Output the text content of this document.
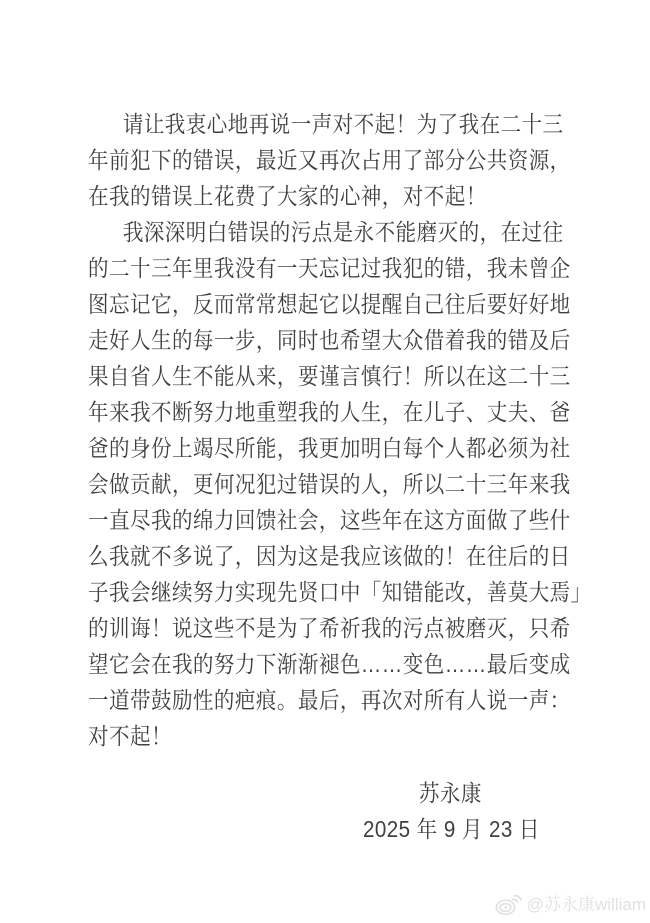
请让我衷心地再说一声对不起！为了我在二十三
年前犯下的错误，最近又再次占用了部分公共资源，
在我的错误上花费了大家的心神，对不起！
我深深明白错误的污点是永不能磨灭的，在过往
的二十三年里我没有一天忘记过我犯的错，我未曾企
图忘记它，反而常常想起它以提醒自己往后要好好地
走好人生的每一步，同时也希望大众借着我的错及后
果自省人生不能从来，要谨言慎行！所以在这二十三
年来我不断努力地重塑我的人生，在儿子、丈夫、爸
爸的身份上竭尽所能，我更加明白每个人都必须为社
会做贡献，更何况犯过错误的人，所以二十三年来我
一直尽我的绵力回馈社会，这些年在这方面做了些什
么我就不多说了，因为这是我应该做的！在往后的日
子我会继续努力实现先贤口中「知错能改，善莫大焉」
的训诲！说这些不是为了希祈我的污点被磨灭，只希
望它会在我的努力下渐渐褪色……变色……最后变成
一道带鼓励性的疤痕。最后，再次对所有人说一声：
对不起！
苏永康
2025 年 9 月 23 日
@苏永康william
